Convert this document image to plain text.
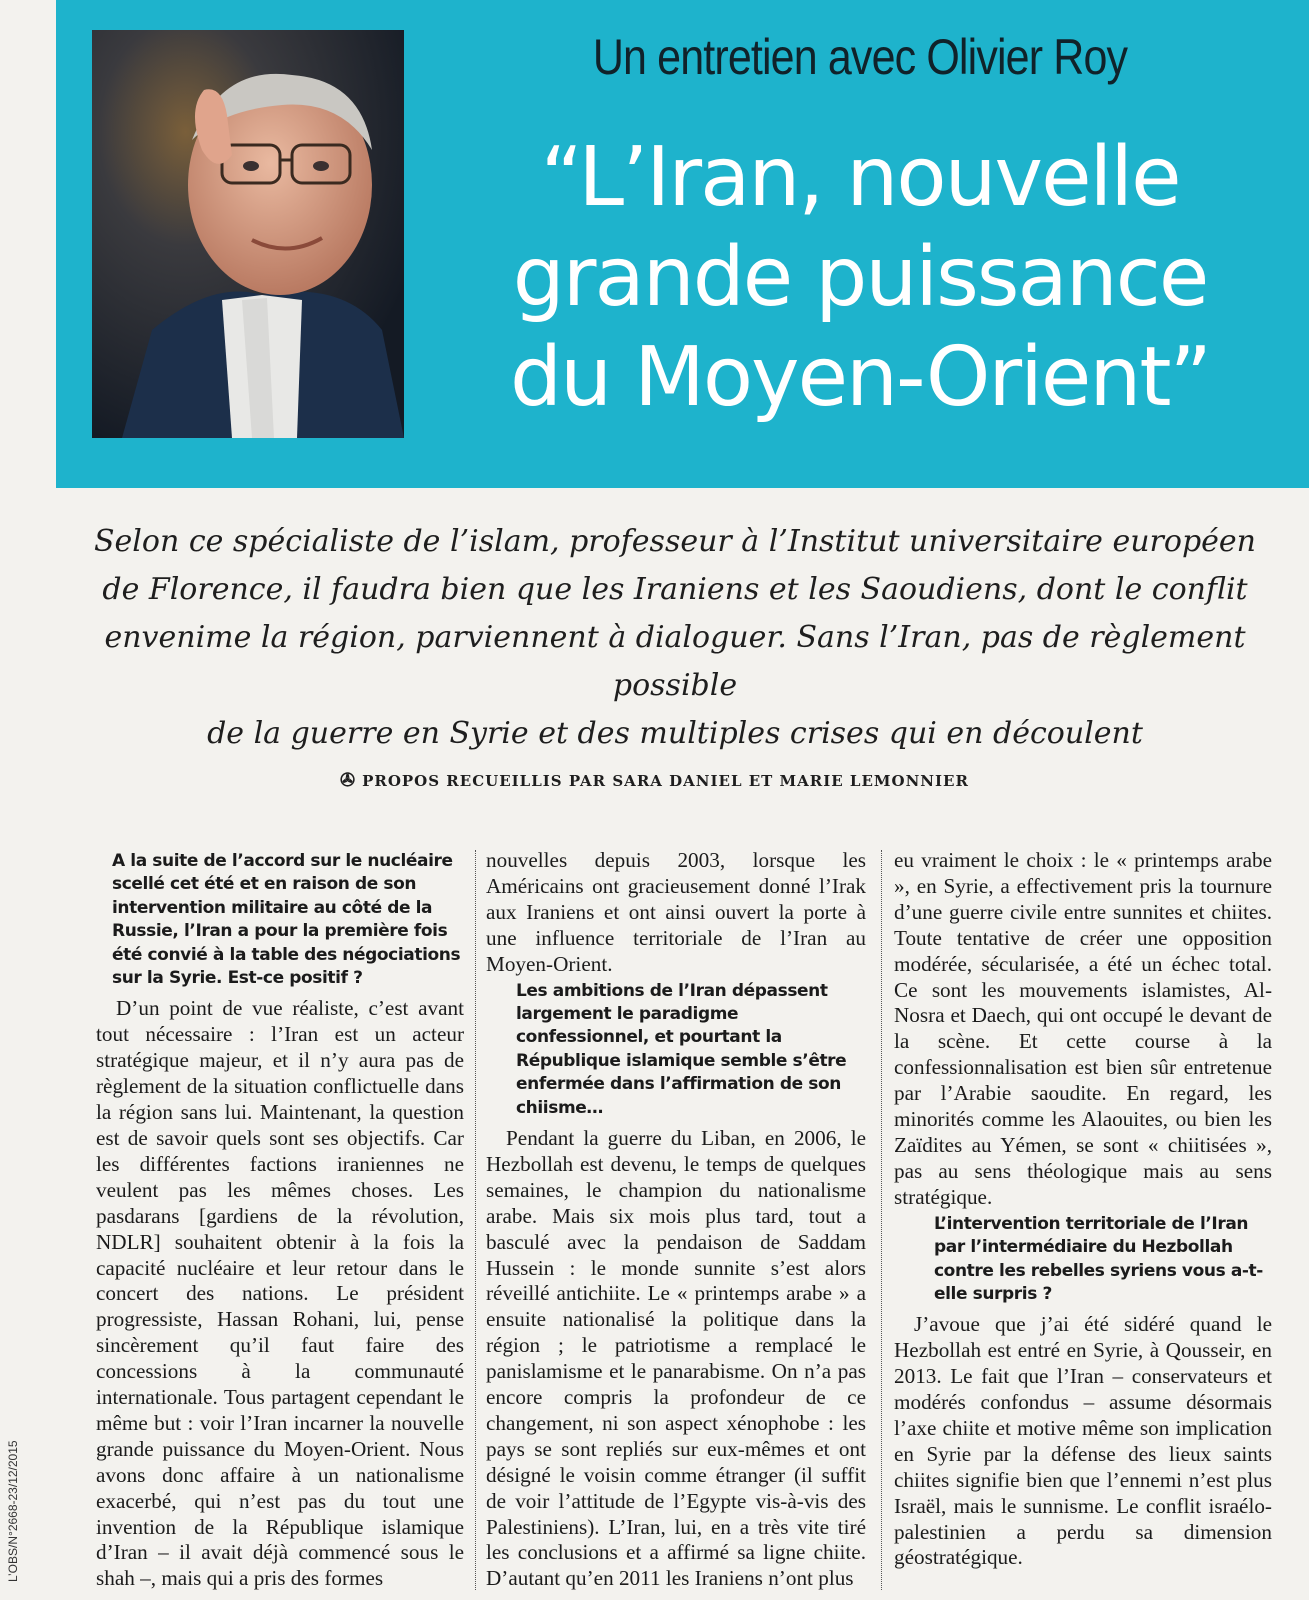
Un entretien avec Olivier Roy
“L’Iran, nouvelle
grande puissance
du Moyen-Orient”

Selon ce spécialiste de l’islam, professeur à l’Institut universitaire européen
de Florence, il faudra bien que les Iraniens et les Saoudiens, dont le conflit
envenime la région, parviennent à dialoguer. Sans l’Iran, pas de règlement possible
de la guerre en Syrie et des multiples crises qui en découlent

✇ PROPOS RECUEILLIS PAR SARA DANIEL ET MARIE LEMONNIER

A la suite de l’accord sur le nucléaire scellé cet été et en raison de son intervention militaire au côté de la Russie, l’Iran a pour la première fois été convié à la table des négociations sur la Syrie. Est-ce positif ?

D’un point de vue réaliste, c’est avant tout nécessaire : l’Iran est un acteur stratégique majeur, et il n’y aura pas de règlement de la situation conflictuelle dans la région sans lui. Maintenant, la question est de savoir quels sont ses objectifs. Car les différentes factions iraniennes ne veulent pas les mêmes choses. Les pasdarans [gardiens de la révolution, NDLR] souhaitent obtenir à la fois la capacité nucléaire et leur retour dans le concert des nations. Le président progressiste, Hassan Rohani, lui, pense sincèrement qu’il faut faire des concessions à la communauté internationale. Tous partagent cependant le même but : voir l’Iran incarner la nouvelle grande puissance du Moyen-Orient. Nous avons donc affaire à un nationalisme exacerbé, qui n’est pas du tout une invention de la République islamique d’Iran – il avait déjà commencé sous le shah –, mais qui a pris des formes

nouvelles depuis 2003, lorsque les Américains ont gracieusement donné l’Irak aux Iraniens et ont ainsi ouvert la porte à une influence territoriale de l’Iran au Moyen-Orient.

Les ambitions de l’Iran dépassent largement le paradigme confessionnel, et pourtant la République islamique semble s’être enfermée dans l’affirmation de son chiisme…

Pendant la guerre du Liban, en 2006, le Hezbollah est devenu, le temps de quelques semaines, le champion du nationalisme arabe. Mais six mois plus tard, tout a basculé avec la pendaison de Saddam Hussein : le monde sunnite s’est alors réveillé antichiite. Le « printemps arabe » a ensuite nationalisé la politique dans la région ; le patriotisme a remplacé le panislamisme et le panarabisme. On n’a pas encore compris la profondeur de ce changement, ni son aspect xénophobe : les pays se sont repliés sur eux-mêmes et ont désigné le voisin comme étranger (il suffit de voir l’attitude de l’Egypte vis-à-vis des Palestiniens). L’Iran, lui, en a très vite tiré les conclusions et a affirmé sa ligne chiite. D’autant qu’en 2011 les Iraniens n’ont plus

eu vraiment le choix : le « printemps arabe », en Syrie, a effectivement pris la tournure d’une guerre civile entre sunnites et chiites. Toute tentative de créer une opposition modérée, sécularisée, a été un échec total. Ce sont les mouvements islamistes, Al-Nosra et Daech, qui ont occupé le devant de la scène. Et cette course à la confessionnalisation est bien sûr entretenue par l’Arabie saoudite. En regard, les minorités comme les Alaouites, ou bien les Zaïdites au Yémen, se sont « chiitisées », pas au sens théologique mais au sens stratégique.

L’intervention territoriale de l’Iran par l’intermédiaire du Hezbollah contre les rebelles syriens vous a-t-elle surpris ?

J’avoue que j’ai été sidéré quand le Hezbollah est entré en Syrie, à Qousseir, en 2013. Le fait que l’Iran – conservateurs et modérés confondus – assume désormais l’axe chiite et motive même son implication en Syrie par la défense des lieux saints chiites signifie bien que l’ennemi n’est plus Israël, mais le sunnisme. Le conflit israélo-palestinien a perdu sa dimension géostratégique.

L’OBS/N°2668-23/12/2015
